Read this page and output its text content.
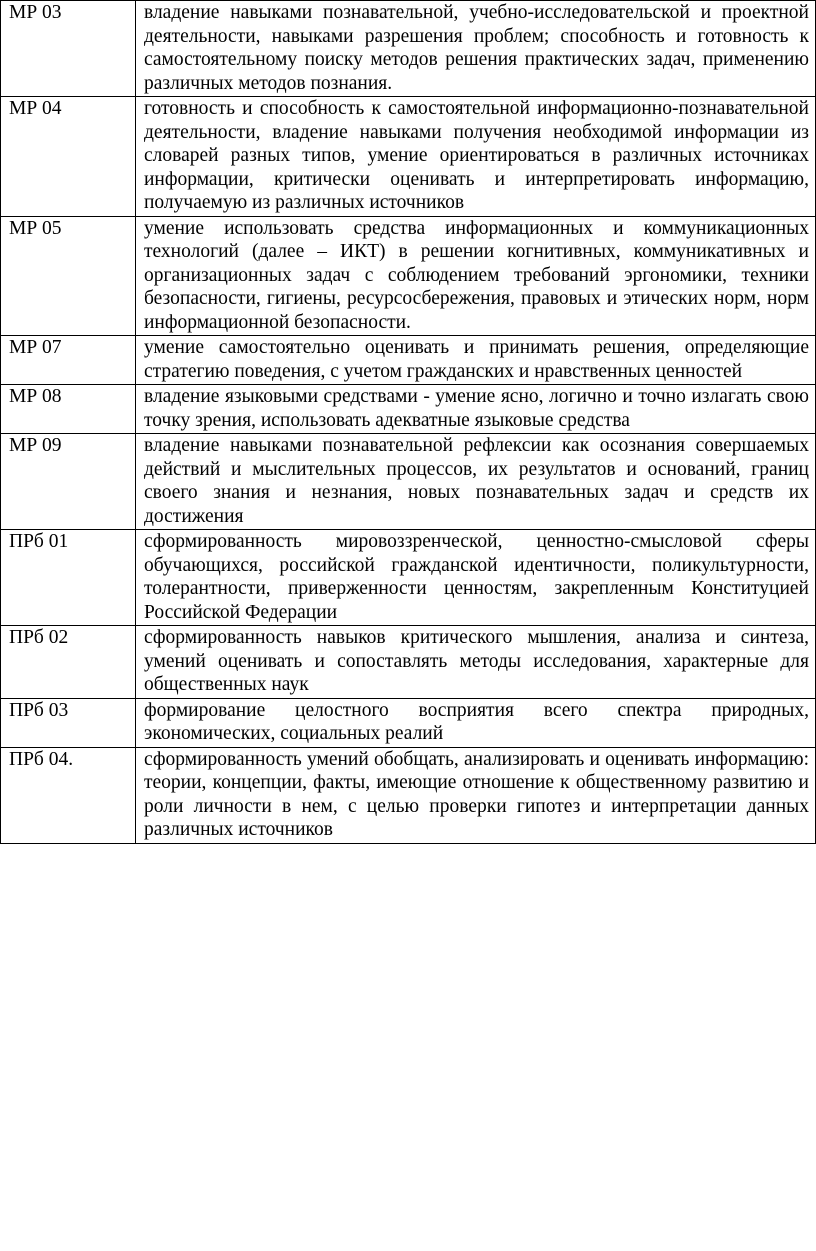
МР 03	владение навыками познавательной, учебно-исследовательской и проектной деятельности, навыками разрешения проблем; способность и готовность к самостоятельному поиску методов решения практических задач, применению различных методов познания.
МР 04	готовность и способность к самостоятельной информационно-познавательной деятельности, владение навыками получения необходимой информации из словарей разных типов, умение ориентироваться в различных источниках информации, критически оценивать и интерпретировать информацию, получаемую из различных источников
МР 05	умение использовать средства информационных и коммуникационных технологий (далее – ИКТ) в решении когнитивных, коммуникативных и организационных задач с соблюдением требований эргономики, техники безопасности, гигиены, ресурсосбережения, правовых и этических норм, норм информационной безопасности.
МР 07	умение самостоятельно оценивать и принимать решения, определяющие стратегию поведения, с учетом гражданских и нравственных ценностей
МР 08	владение языковыми средствами - умение ясно, логично и точно излагать свою точку зрения, использовать адекватные языковые средства
МР 09	владение навыками познавательной рефлексии как осознания совершаемых действий и мыслительных процессов, их результатов и оснований, границ своего знания и незнания, новых познавательных задач и средств их достижения
ПРб 01	сформированность мировоззренческой, ценностно-смысловой сферы обучающихся, российской гражданской идентичности, поликультурности, толерантности, приверженности ценностям, закрепленным Конституцией Российской Федерации
ПРб 02	сформированность навыков критического мышления, анализа и синтеза, умений оценивать и сопоставлять методы исследования, характерные для общественных наук
ПРб 03	формирование целостного восприятия всего спектра природных, экономических, социальных реалий
ПРб 04.	сформированность умений обобщать, анализировать и оценивать информацию: теории, концепции, факты, имеющие отношение к общественному развитию и роли личности в нем, с целью проверки гипотез и интерпретации данных различных источников
